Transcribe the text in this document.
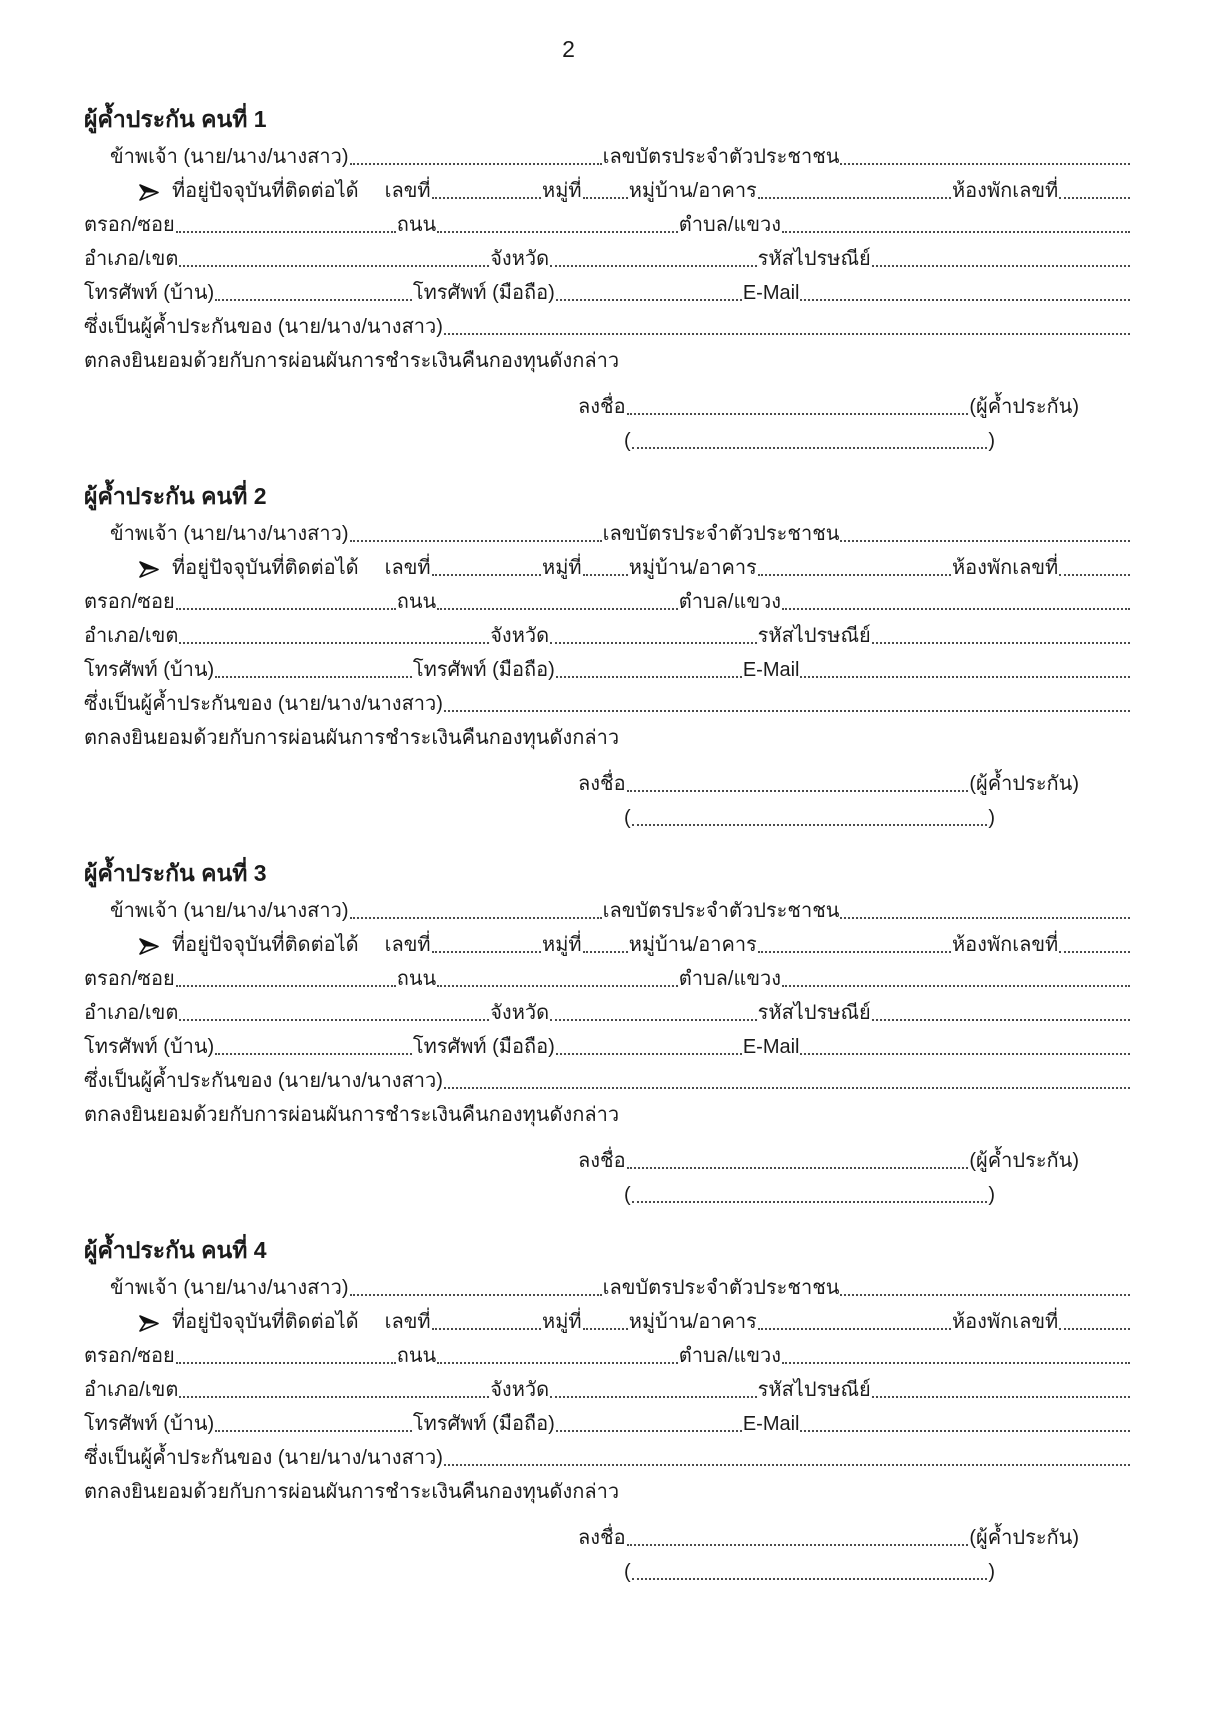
2
ผู้ค้ำประกัน คนที่ 1
ข้าพเจ้า (นาย/นาง/นางสาว)	เลขบัตรประจำตัวประชาชน
ที่อยู่ปัจจุบันที่ติดต่อได้ เลขที่	หมู่ที่ หมู่บ้าน/อาคาร	ห้องพักเลขที่
ตรอก/ซอย	ถนน	ตำบล/แขวง
อำเภอ/เขต	จังหวัด	รหัสไปรษณีย์
โทรศัพท์ (บ้าน)	โทรศัพท์ (มือถือ)	E-Mail
ซึ่งเป็นผู้ค้ำประกันของ (นาย/นาง/นางสาว)
ตกลงยินยอมด้วยกับการผ่อนผันการชำระเงินคืนกองทุนดังกล่าว
ลงชื่อ	(ผู้ค้ำประกัน)
(	)
ผู้ค้ำประกัน คนที่ 2
ข้าพเจ้า (นาย/นาง/นางสาว)	เลขบัตรประจำตัวประชาชน
ที่อยู่ปัจจุบันที่ติดต่อได้ เลขที่	หมู่ที่ หมู่บ้าน/อาคาร	ห้องพักเลขที่
ตรอก/ซอย	ถนน	ตำบล/แขวง
อำเภอ/เขต	จังหวัด	รหัสไปรษณีย์
โทรศัพท์ (บ้าน)	โทรศัพท์ (มือถือ)	E-Mail
ซึ่งเป็นผู้ค้ำประกันของ (นาย/นาง/นางสาว)
ตกลงยินยอมด้วยกับการผ่อนผันการชำระเงินคืนกองทุนดังกล่าว
ลงชื่อ	(ผู้ค้ำประกัน)
(	)
ผู้ค้ำประกัน คนที่ 3
ข้าพเจ้า (นาย/นาง/นางสาว)	เลขบัตรประจำตัวประชาชน
ที่อยู่ปัจจุบันที่ติดต่อได้ เลขที่	หมู่ที่ หมู่บ้าน/อาคาร	ห้องพักเลขที่
ตรอก/ซอย	ถนน	ตำบล/แขวง
อำเภอ/เขต	จังหวัด	รหัสไปรษณีย์
โทรศัพท์ (บ้าน)	โทรศัพท์ (มือถือ)	E-Mail
ซึ่งเป็นผู้ค้ำประกันของ (นาย/นาง/นางสาว)
ตกลงยินยอมด้วยกับการผ่อนผันการชำระเงินคืนกองทุนดังกล่าว
ลงชื่อ	(ผู้ค้ำประกัน)
(	)
ผู้ค้ำประกัน คนที่ 4
ข้าพเจ้า (นาย/นาง/นางสาว)	เลขบัตรประจำตัวประชาชน
ที่อยู่ปัจจุบันที่ติดต่อได้ เลขที่	หมู่ที่ หมู่บ้าน/อาคาร	ห้องพักเลขที่
ตรอก/ซอย	ถนน	ตำบล/แขวง
อำเภอ/เขต	จังหวัด	รหัสไปรษณีย์
โทรศัพท์ (บ้าน)	โทรศัพท์ (มือถือ)	E-Mail
ซึ่งเป็นผู้ค้ำประกันของ (นาย/นาง/นางสาว)
ตกลงยินยอมด้วยกับการผ่อนผันการชำระเงินคืนกองทุนดังกล่าว
ลงชื่อ	(ผู้ค้ำประกัน)
(	)
